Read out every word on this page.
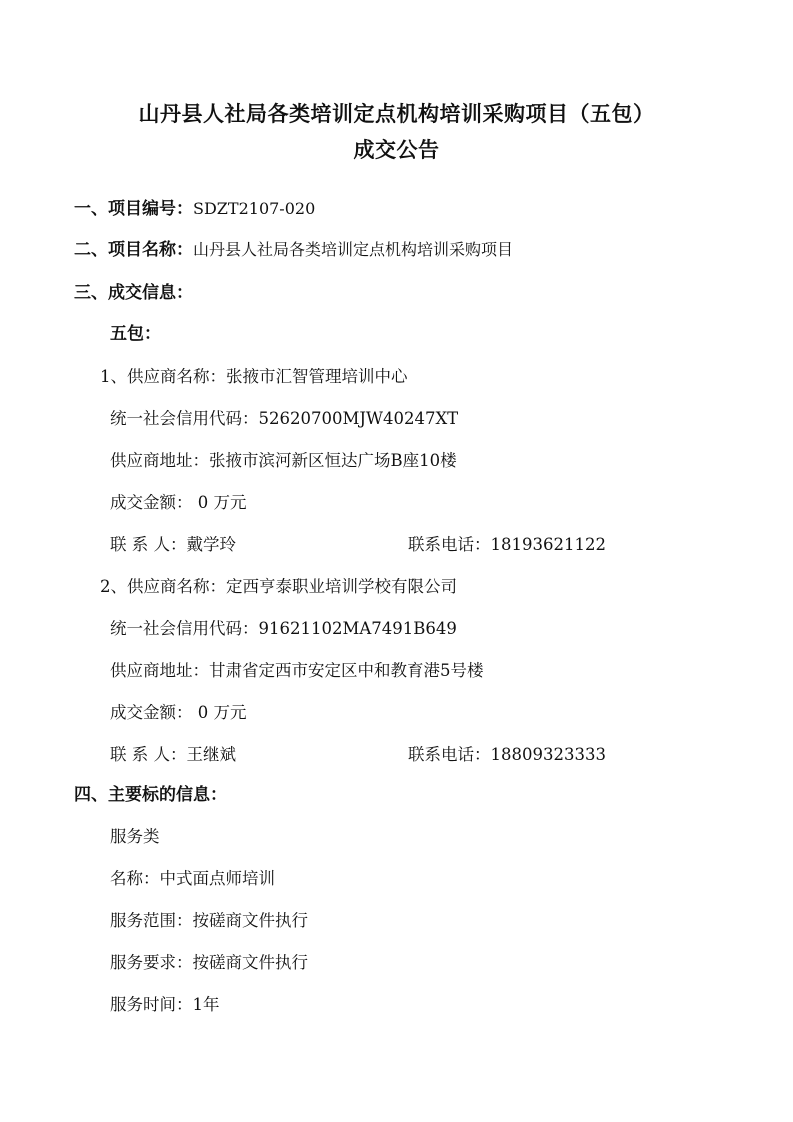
山丹县人社局各类培训定点机构培训采购项目（五包）
成交公告
一、项目编号：SDZT2107-020
二、项目名称：山丹县人社局各类培训定点机构培训采购项目
三、成交信息：
五包：
1、供应商名称：张掖市汇智管理培训中心
统一社会信用代码：52620700MJW40247XT
供应商地址：张掖市滨河新区恒达广场B座10楼
成交金额： 0 万元
联 系 人：戴学玲	联系电话：18193621122
2、供应商名称：定西亨泰职业培训学校有限公司
统一社会信用代码：91621102MA7491B649
供应商地址：甘肃省定西市安定区中和教育港5号楼
成交金额： 0 万元
联 系 人：王继斌	联系电话：18809323333
四、主要标的信息：
服务类
名称：中式面点师培训
服务范围：按磋商文件执行
服务要求：按磋商文件执行
服务时间：1年
